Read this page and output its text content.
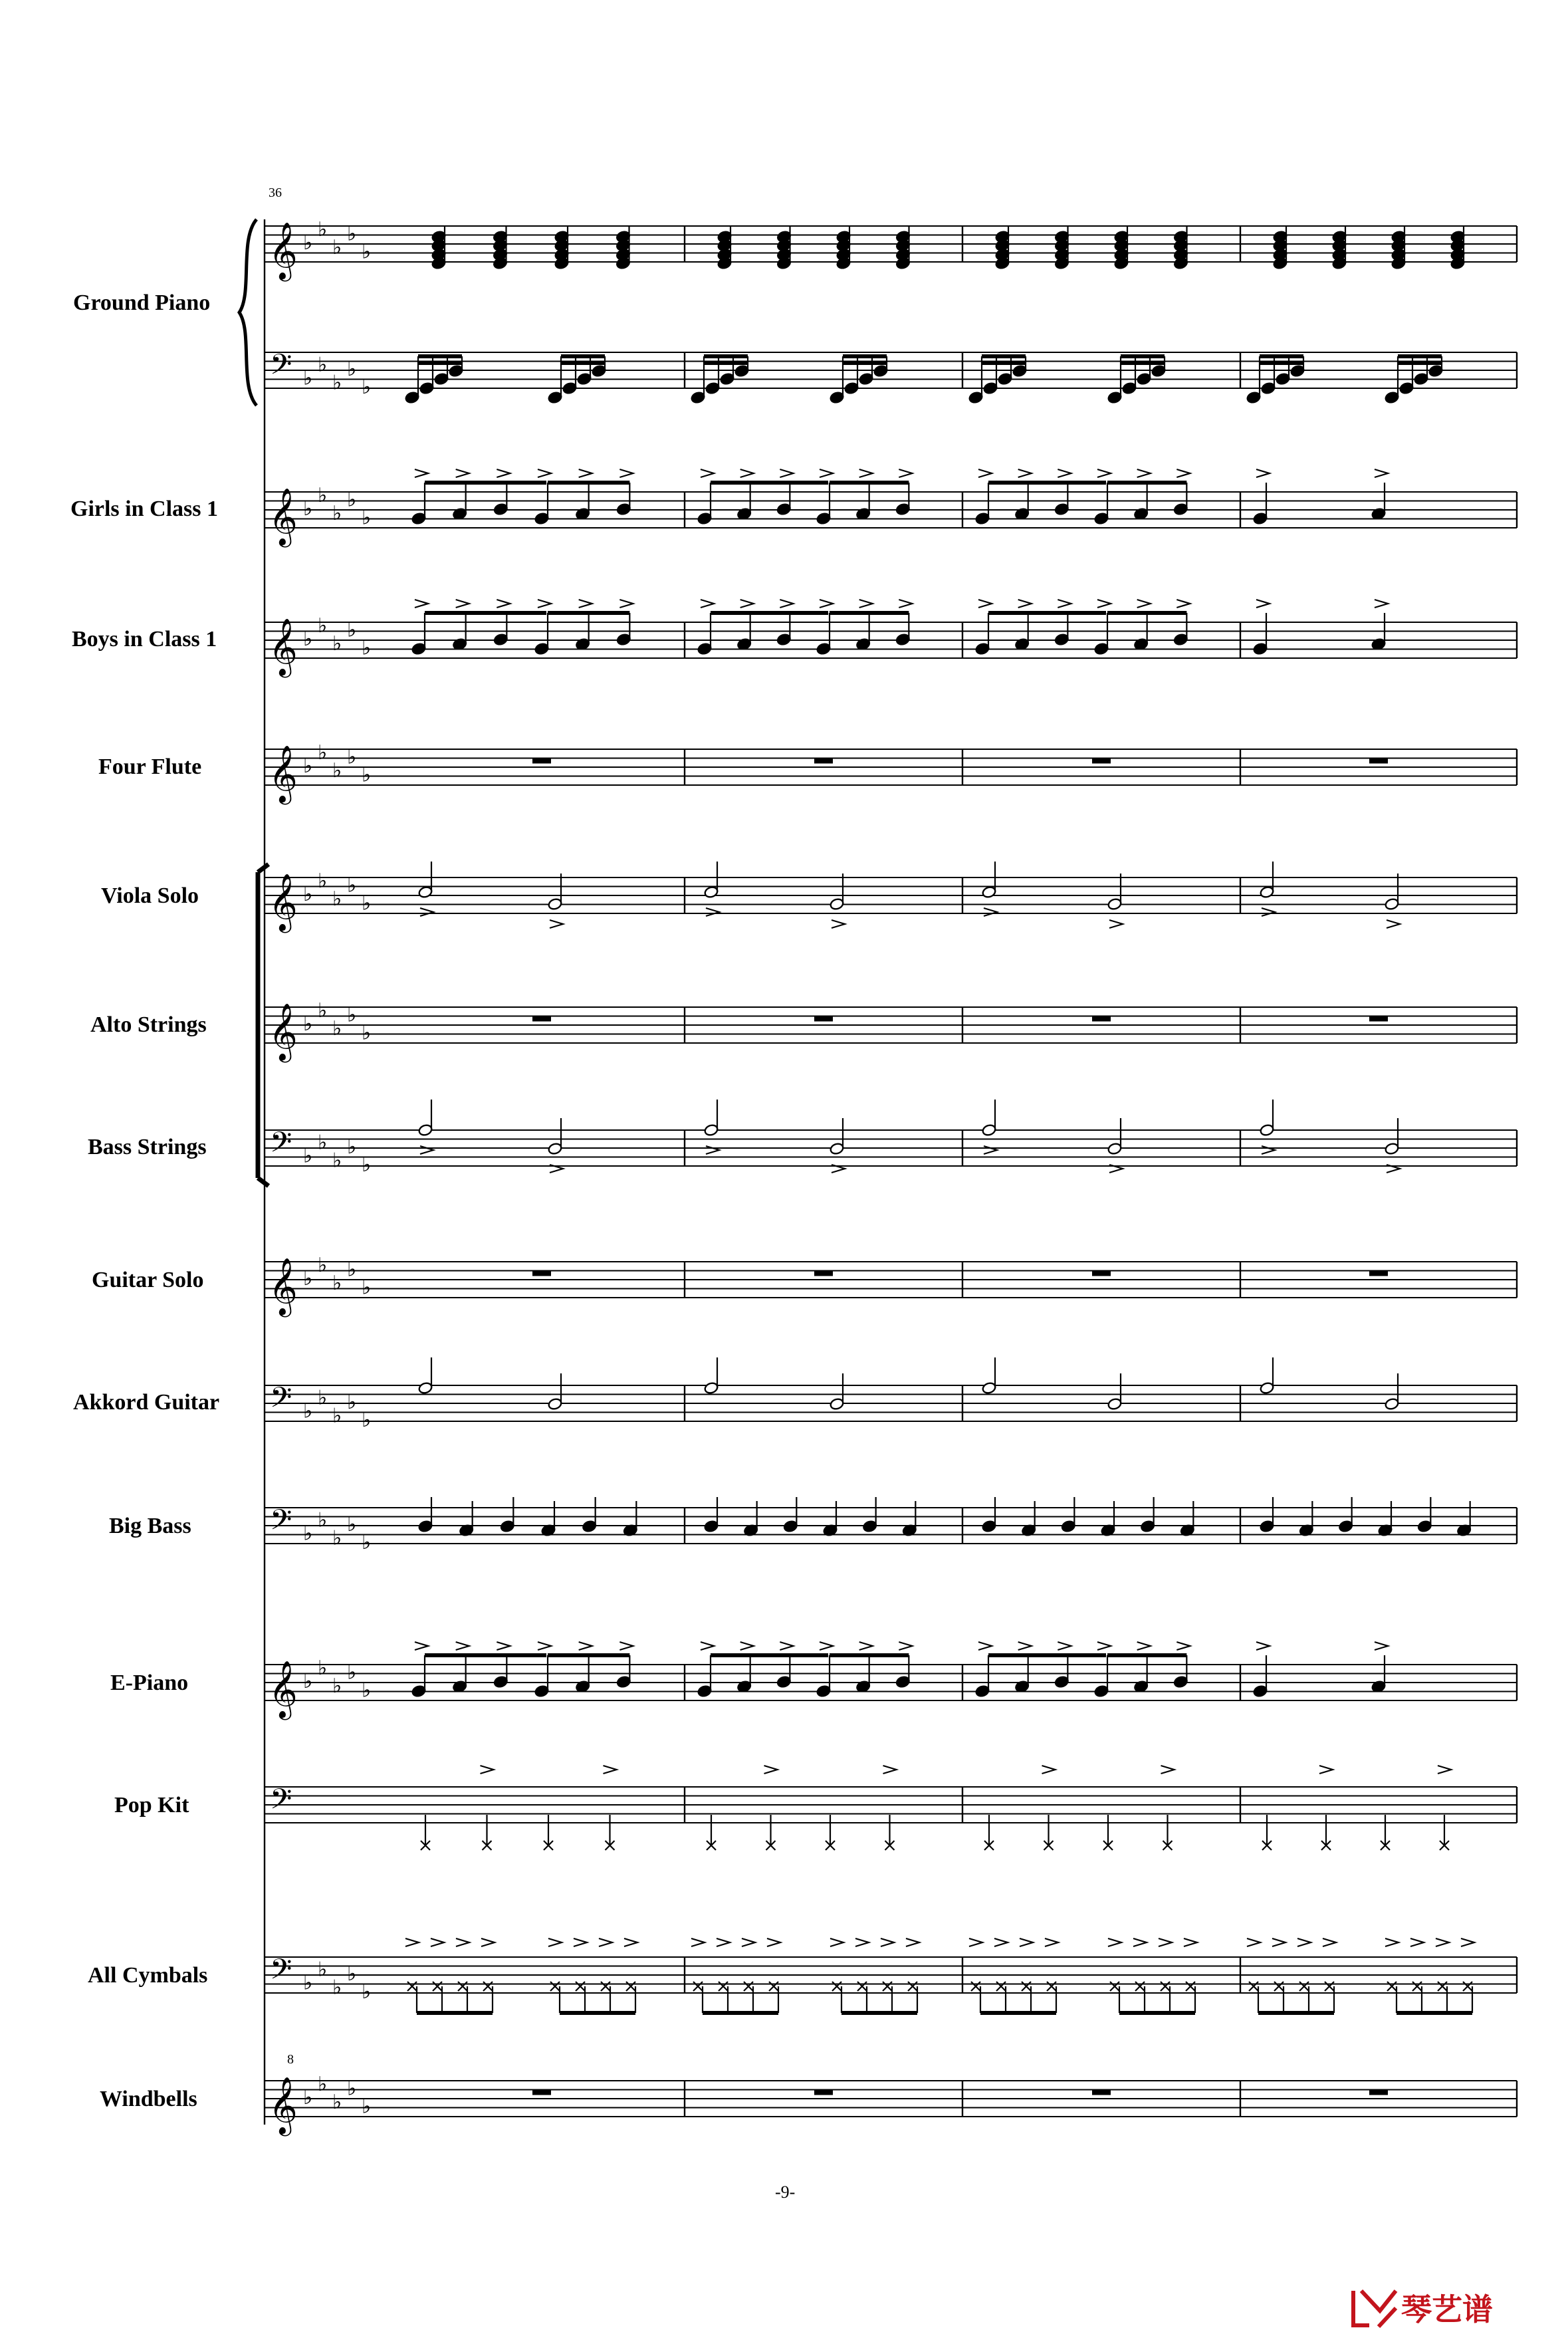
36
Ground Piano
Girls in Class 1
Boys in Class 1
Four Flute
Viola Solo
Alto Strings
Bass Strings
Guitar Solo
Akkord Guitar
Big Bass
E-Piano
Pop Kit
All Cymbals
Windbells
8
-9-
琴艺谱
𝄞 ♭
♭
♭
♭
♭
𝄢 ♭
♭
♭
♭
♭
𝄞 ♭
♭
♭
♭
♭
𝄞 ♭
♭
♭
♭
♭
𝄞 ♭
♭
♭
♭
♭
𝄞 ♭
♭
♭
♭
♭
𝄞 ♭
♭
♭
♭
♭
𝄢 ♭
♭
♭
♭
♭
𝄞 ♭
♭
♭
♭
♭
𝄢 ♭
♭
♭
♭
♭
𝄢 ♭
♭
♭
♭
♭
𝄞 ♭
♭
♭
♭
♭
𝄢
𝄢 ♭
♭
♭
♭
♭
𝄞 ♭
♭
♭
♭
♭
